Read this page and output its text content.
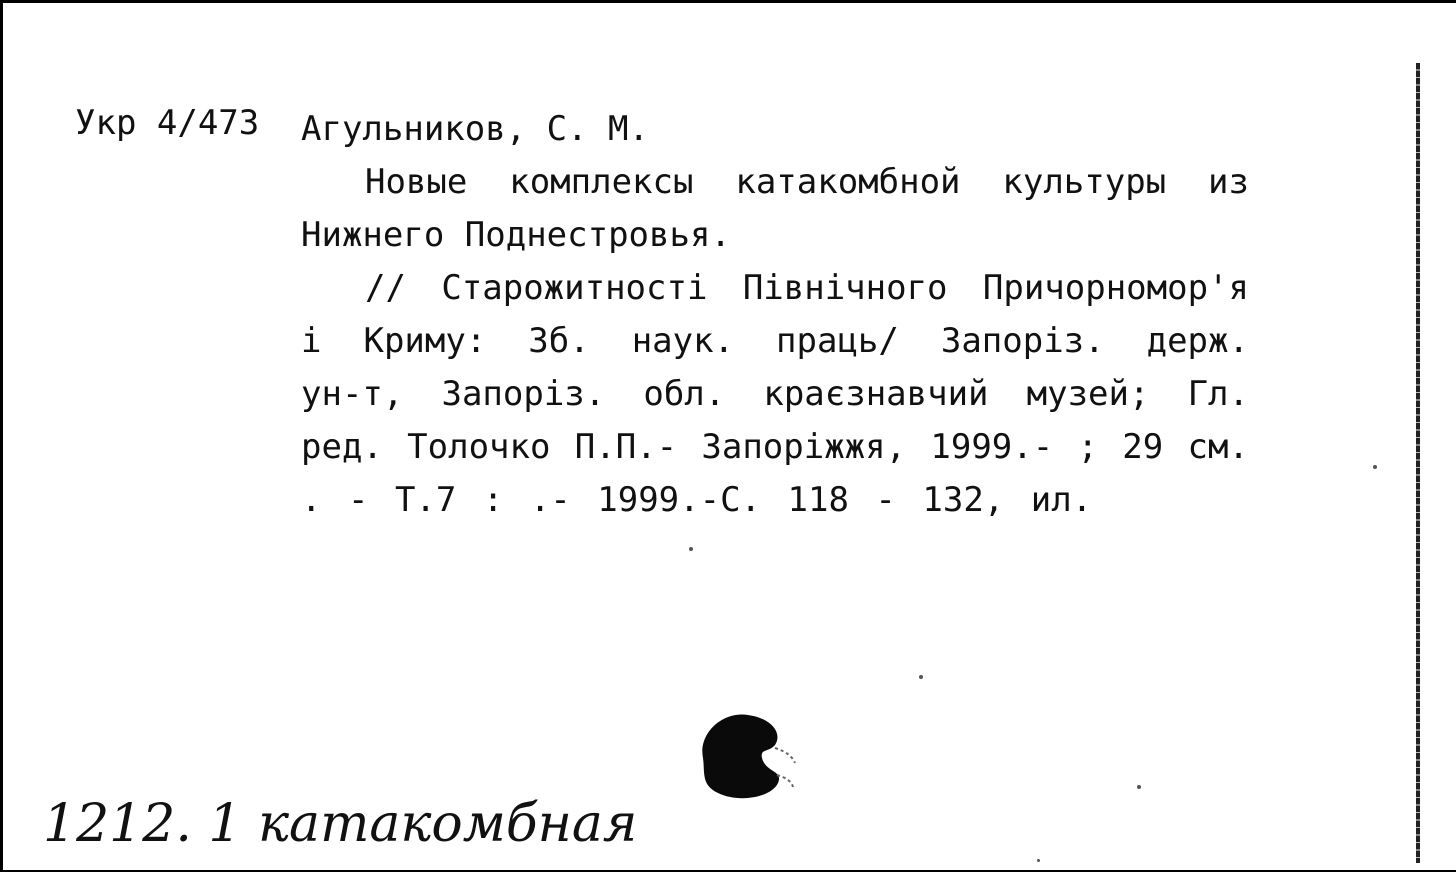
Укр 4/473 Агульников, С. М.
Новые комплексы катакомбной культуры из
Нижнего Поднестровья.
// Старожитності Північного Причорномор'я
і Криму: Зб. наук. праць/ Запоріз. держ.
ун-т, Запоріз. обл. краєзнавчий музей; Гл.
ред. Толочко П.П.- Запоріжжя, 1999.- ; 29 см.
. - Т.7 : .- 1999.-С. 118 - 132, ил.
1212. 1 катакомбная
